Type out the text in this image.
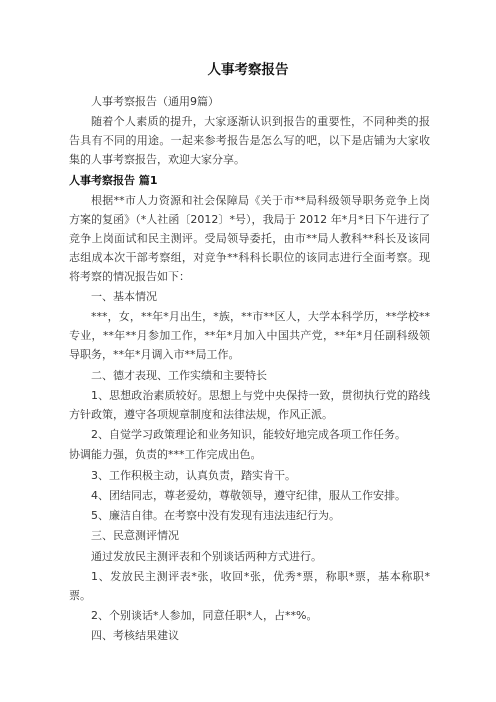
人事考察报告

人事考察报告（通用9篇）

随着个人素质的提升，大家逐渐认识到报告的重要性，不同种类的报告具有不同的用途。一起来参考报告是怎么写的吧，以下是店铺为大家收集的人事考察报告，欢迎大家分享。

人事考察报告 篇1

根据**市人力资源和社会保障局《关于市**局科级领导职务竞争上岗方案的复函》（*人社函〔2012〕*号），我局于 2012 年*月*日下午进行了竞争上岗面试和民主测评。受局领导委托，由市**局人教科**科长及该同志组成本次干部考察组，对竞争**科科长职位的该同志进行全面考察。现将考察的情况报告如下：

一、基本情况

***，女，**年*月出生，*族，**市**区人，大学本科学历，**学校**专业，**年**月参加工作，**年*月加入中国共产党，**年*月任副科级领导职务，**年*月调入市**局工作。

二、德才表现、工作实绩和主要特长

1、思想政治素质较好。思想上与党中央保持一致，贯彻执行党的路线方针政策，遵守各项规章制度和法律法规，作风正派。

2、自觉学习政策理论和业务知识，能较好地完成各项工作任务。

协调能力强，负责的***工作完成出色。

3、工作积极主动，认真负责，踏实肯干。

4、团结同志，尊老爱幼，尊敬领导，遵守纪律，服从工作安排。

5、廉洁自律。在考察中没有发现有违法违纪行为。

三、民意测评情况

通过发放民主测评表和个别谈话两种方式进行。

1、发放民主测评表*张，收回*张，优秀*票，称职*票，基本称职*票。

2、个别谈话*人参加，同意任职*人，占**%。

四、考核结果建议
